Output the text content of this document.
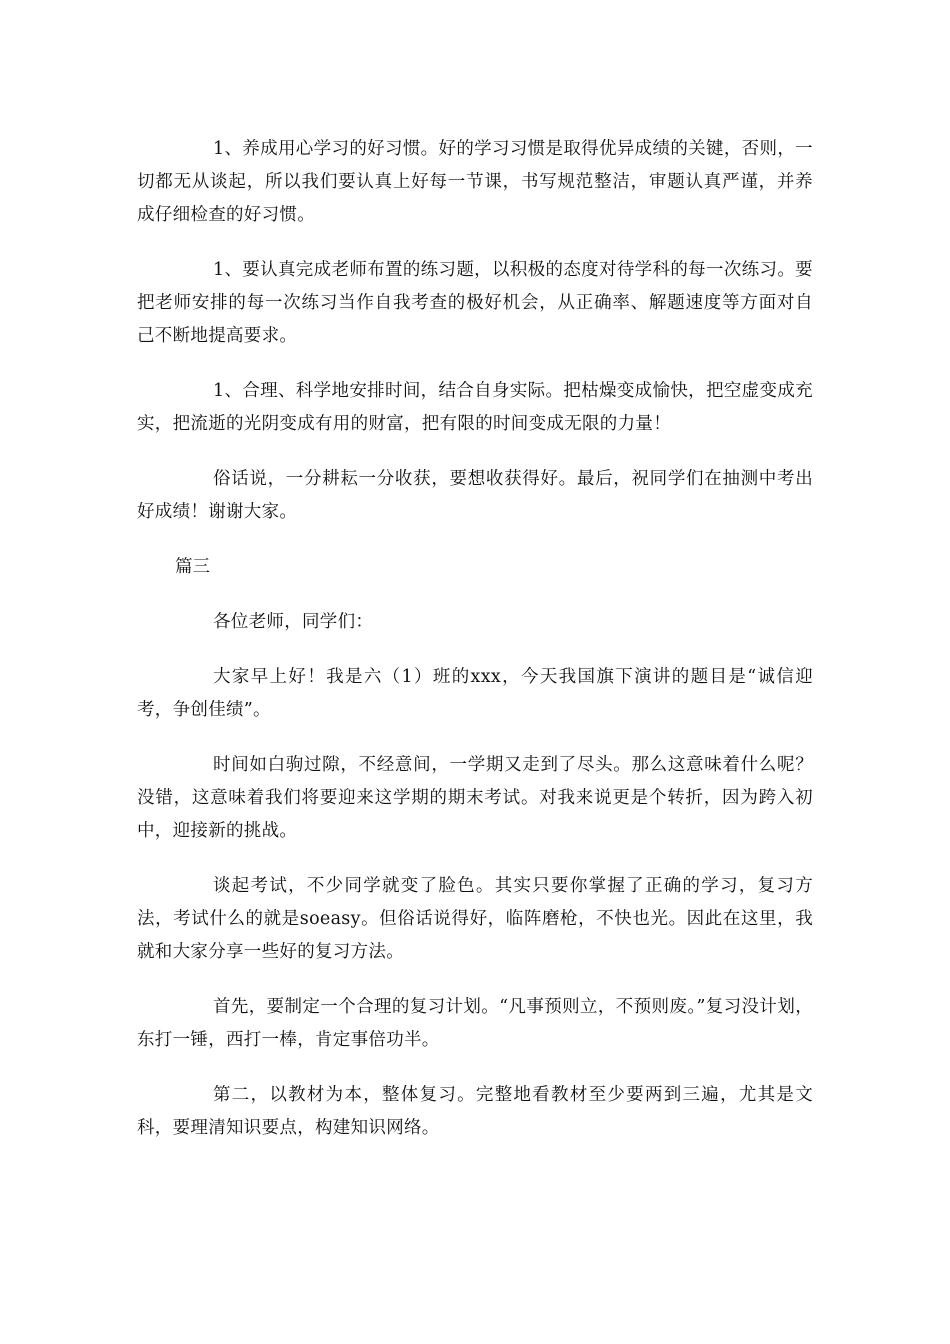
1、养成用心学习的好习惯。好的学习习惯是取得优异成绩的关键，否则，一切都无从谈起，所以我们要认真上好每一节课，书写规范整洁，审题认真严谨，并养成仔细检查的好习惯。

1、要认真完成老师布置的练习题，以积极的态度对待学科的每一次练习。要把老师安排的每一次练习当作自我考查的极好机会，从正确率、解题速度等方面对自己不断地提高要求。

1、合理、科学地安排时间，结合自身实际。把枯燥变成愉快，把空虚变成充实，把流逝的光阴变成有用的财富，把有限的时间变成无限的力量！

俗话说，一分耕耘一分收获，要想收获得好。最后，祝同学们在抽测中考出好成绩！谢谢大家。

篇三

各位老师，同学们：

大家早上好！我是六（1）班的xxx，今天我国旗下演讲的题目是“诚信迎考，争创佳绩”。

时间如白驹过隙，不经意间，一学期又走到了尽头。那么这意味着什么呢？没错，这意味着我们将要迎来这学期的期末考试。对我来说更是个转折，因为跨入初中，迎接新的挑战。

谈起考试，不少同学就变了脸色。其实只要你掌握了正确的学习，复习方法，考试什么的就是soeasy。但俗话说得好，临阵磨枪，不快也光。因此在这里，我就和大家分享一些好的复习方法。

首先，要制定一个合理的复习计划。“凡事预则立，不预则废。”复习没计划，东打一锤，西打一棒，肯定事倍功半。

第二，以教材为本，整体复习。完整地看教材至少要两到三遍，尤其是文科，要理清知识要点，构建知识网络。
